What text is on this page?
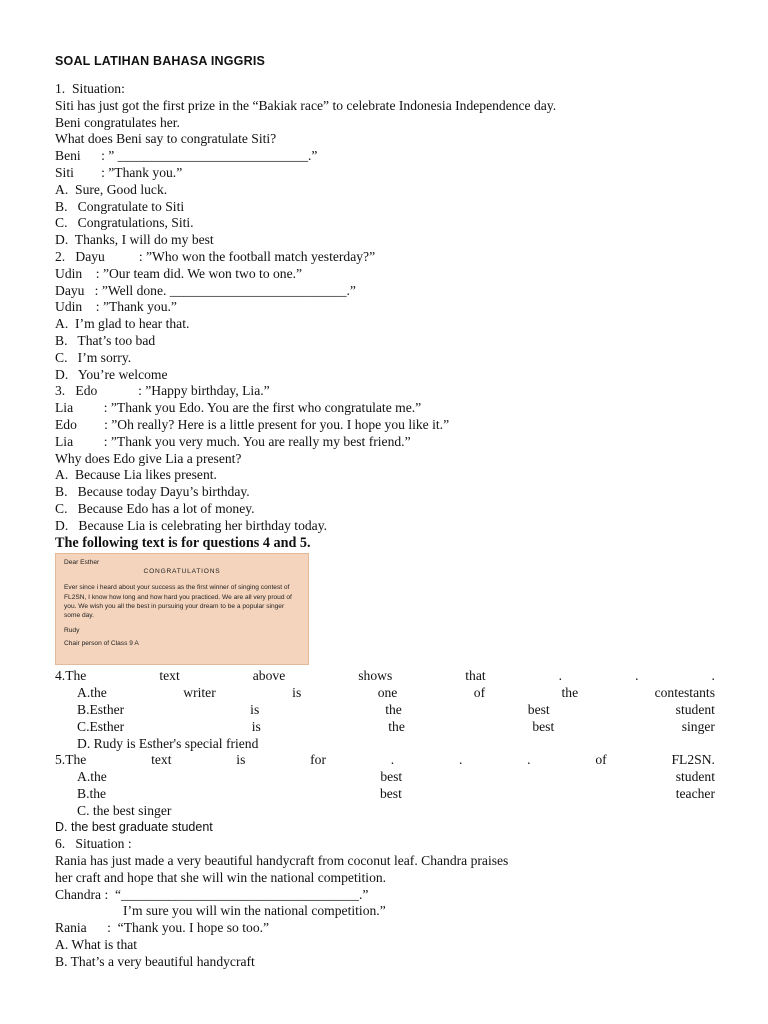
SOAL LATIHAN BAHASA INGGRIS
1.  Situation:
Siti has just got the first prize in the “Bakiak race” to celebrate Indonesia Independence day.
Beni congratulates her.
What does Beni say to congratulate Siti?
Beni      : ” ____________________________.”
Siti        : ”Thank you.”
A.  Sure, Good luck.
B.   Congratulate to Siti
C.   Congratulations, Siti.
D.  Thanks, I will do my best
2.   Dayu          : ”Who won the football match yesterday?”
Udin    : ”Our team did. We won two to one.”
Dayu   : ”Well done. __________________________.”
Udin    : ”Thank you.”
A.  I’m glad to hear that.
B.   That’s too bad
C.   I’m sorry.
D.   You’re welcome
3.   Edo            : ”Happy birthday, Lia.”
Lia         : ”Thank you Edo. You are the first who congratulate me.”
Edo        : ”Oh really? Here is a little present for you. I hope you like it.”
Lia         : ”Thank you very much. You are really my best friend.”
Why does Edo give Lia a present?
A.  Because Lia likes present.
B.   Because today Dayu’s birthday.
C.   Because Edo has a lot of money.
D.   Because Lia is celebrating her birthday today.
The following text is for questions 4 and 5.
Dear Esther
CONGRATULATIONS
Ever since i heard about your success as the first winner of singing contest of FL2SN, I know how long and how hard you practiced. We are all very proud of you. We wish you all the best in pursuing your dream to be a popular singer some day.
Rudy
Chair person of Class 9 A
4.The	text	above	shows	that	.	.	.
A.the	writer	is	one	of	the	contestants
B.Esther	is	the	best	student
C.Esther	is	the	best	singer
D. Rudy is Esther's special friend
5.The	text	is	for	.	.	.	of	FL2SN.
A.the	best	student
B.the	best	teacher
C. the best singer
D. the best graduate student
6.   Situation :
Rania has just made a very beautiful handycraft from coconut leaf. Chandra praises
her craft and hope that she will win the national competition.
Chandra :  “___________________________________.”
I’m sure you will win the national competition.”
Rania      :  “Thank you. I hope so too.”
A. What is that
B. That’s a very beautiful handycraft
